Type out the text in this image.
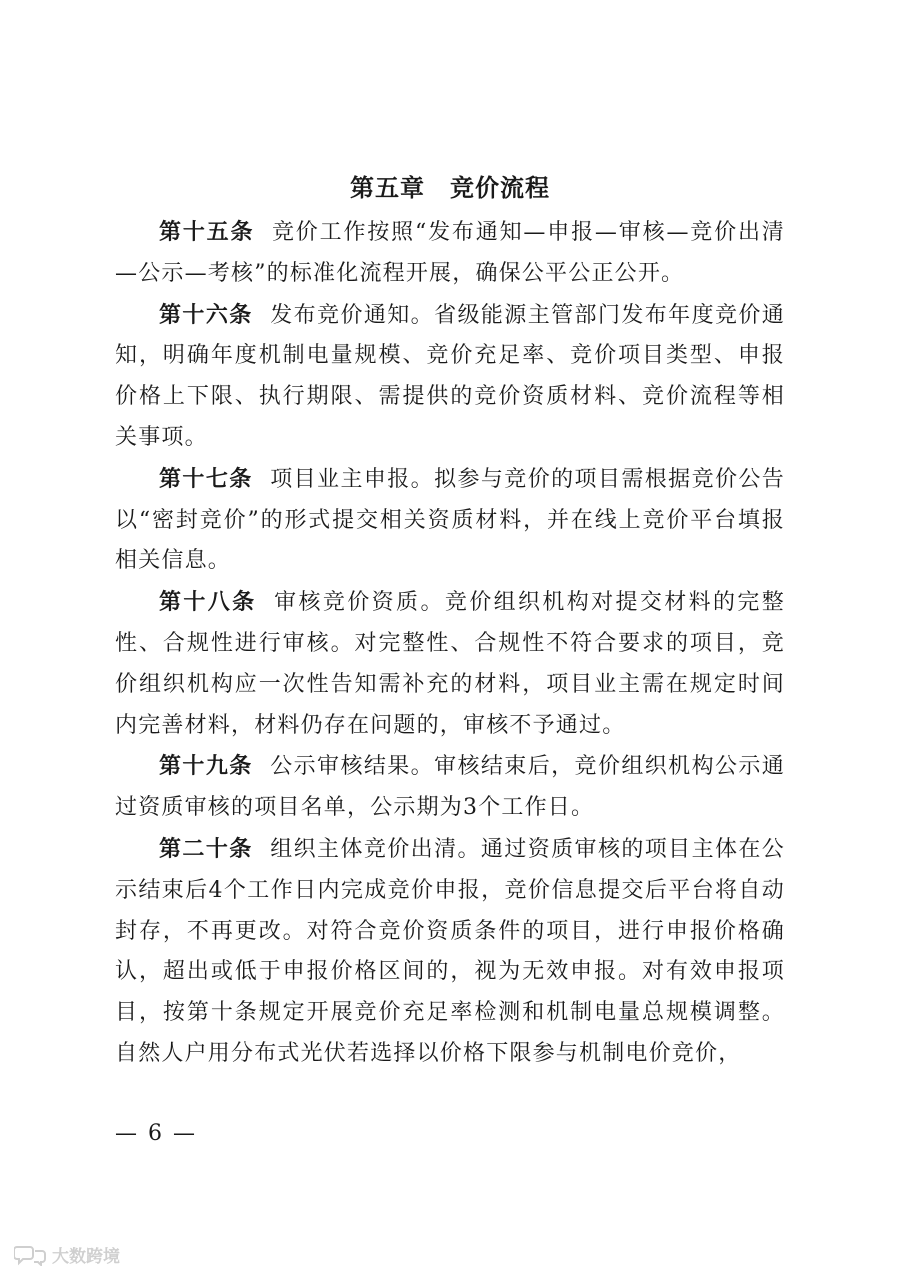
第五章　竞价流程

第十五条 竞价工作按照“发布通知—申报—审核—竞价出清—公示—考核”的标准化流程开展，确保公平公正公开。

第十六条 发布竞价通知。省级能源主管部门发布年度竞价通知，明确年度机制电量规模、竞价充足率、竞价项目类型、申报价格上下限、执行期限、需提供的竞价资质材料、竞价流程等相关事项。

第十七条 项目业主申报。拟参与竞价的项目需根据竞价公告以“密封竞价”的形式提交相关资质材料，并在线上竞价平台填报相关信息。

第十八条 审核竞价资质。竞价组织机构对提交材料的完整性、合规性进行审核。对完整性、合规性不符合要求的项目，竞价组织机构应一次性告知需补充的材料，项目业主需在规定时间内完善材料，材料仍存在问题的，审核不予通过。

第十九条 公示审核结果。审核结束后，竞价组织机构公示通过资质审核的项目名单，公示期为3个工作日。

第二十条 组织主体竞价出清。通过资质审核的项目主体在公示结束后4个工作日内完成竞价申报，竞价信息提交后平台将自动封存，不再更改。对符合竞价资质条件的项目，进行申报价格确认，超出或低于申报价格区间的，视为无效申报。对有效申报项目，按第十条规定开展竞价充足率检测和机制电量总规模调整。自然人户用分布式光伏若选择以价格下限参与机制电价竞价，

— 6 —
大数跨境
